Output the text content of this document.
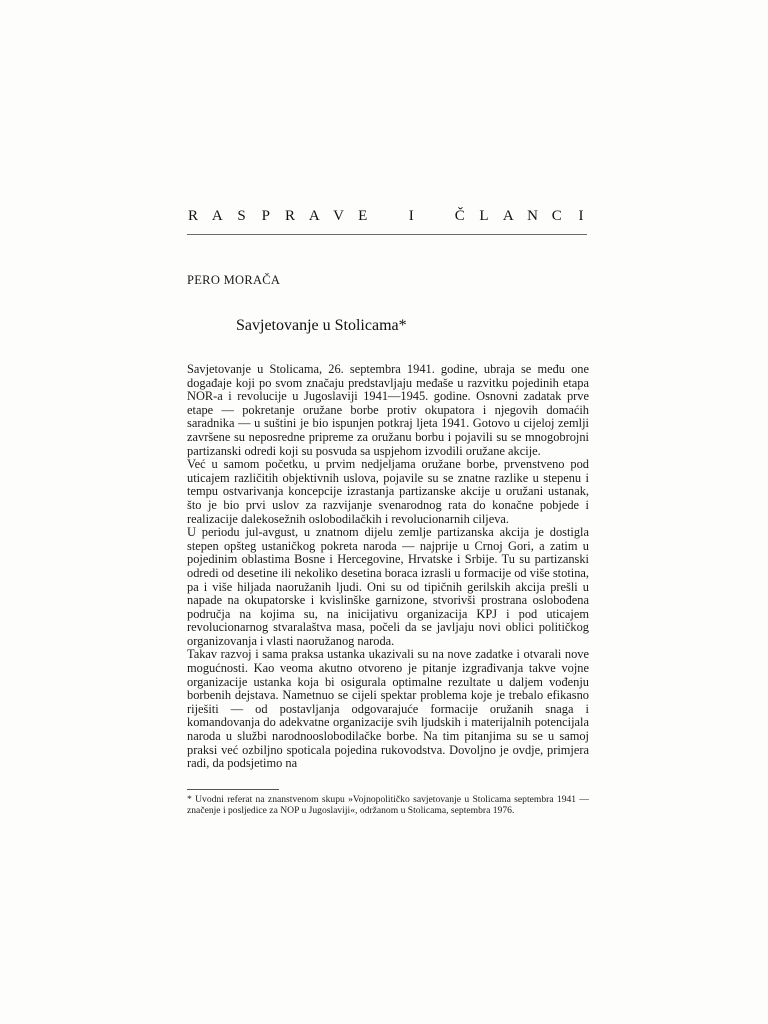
R A S P R A V E	I	Č L A N C I
PERO MORAČA
Savjetovanje u Stolicama*

Savjetovanje u Stolicama, 26. septembra 1941. godine, ubraja se među one događaje koji po svom značaju predstavljaju međaše u razvitku pojedinih etapa NOR-a i revolucije u Jugoslaviji 1941—1945. godine. Osnovni zadatak prve etape — pokretanje oružane borbe protiv okupatora i njegovih domaćih saradnika — u suštini je bio ispunjen potkraj ljeta 1941. Gotovo u cijeloj zemlji završene su neposredne pripreme za oružanu borbu i pojavili su se mnogobrojni partizanski odredi koji su posvuda sa uspjehom izvodili oružane akcije.

Već u samom početku, u prvim nedjeljama oružane borbe, prvenstveno pod uticajem različitih objektivnih uslova, pojavile su se znatne razlike u stepenu i tempu ostvarivanja koncepcije izrastanja partizanske akcije u oružani ustanak, što je bio prvi uslov za razvijanje svenarodnog rata do konačne pobjede i realizacije dalekosežnih oslobodilačkih i revolucionarnih ciljeva.

U periodu jul-avgust, u znatnom dijelu zemlje partizanska akcija je dostigla stepen opšteg ustaničkog pokreta naroda — najprije u Crnoj Gori, a zatim u pojedinim oblastima Bosne i Hercegovine, Hrvatske i Srbije. Tu su partizanski odredi od desetine ili nekoliko desetina boraca izrasli u formacije od više stotina, pa i više hiljada naoružanih ljudi. Oni su od tipičnih gerilskih akcija prešli u napade na okupatorske i kvislinške garnizone, stvorivši prostrana oslobođena područja na kojima su, na inicijativu organizacija KPJ i pod uticajem revolucionarnog stvaralaštva masa, počeli da se javljaju novi oblici političkog organizovanja i vlasti naoružanog naroda.

Takav razvoj i sama praksa ustanka ukazivali su na nove zadatke i otvarali nove mogućnosti. Kao veoma akutno otvoreno je pitanje izgrađivanja takve vojne organizacije ustanka koja bi osigurala optimalne rezultate u daljem vođenju borbenih dejstava. Nametnuo se cijeli spektar problema koje je trebalo efikasno riješiti — od postavljanja odgovarajuće formacije oružanih snaga i komandovanja do adekvatne organizacije svih ljudskih i materijalnih potencijala naroda u službi narodnooslobodilačke borbe. Na tim pitanjima su se u samoj praksi već ozbiljno spoticala pojedina rukovodstva. Dovoljno je ovdje, primjera radi, da podsjetimo na

* Uvodni referat na znanstvenom skupu »Vojnopolitičko savjetovanje u Stolicama septembra 1941 — značenje i posljedice za NOP u Jugoslaviji«, održanom u Stolicama, septembra 1976.
